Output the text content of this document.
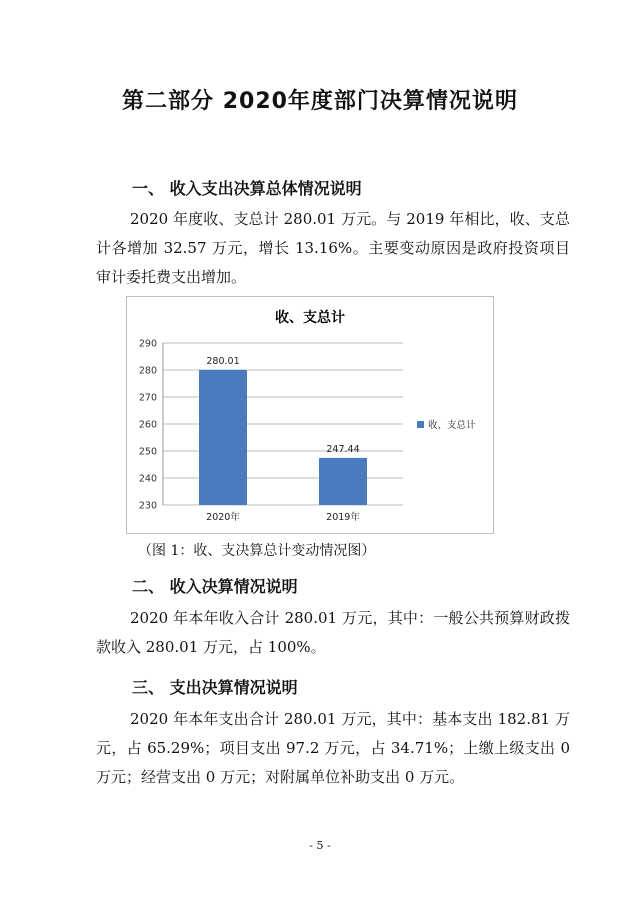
第二部分 2020年度部门决算情况说明
一、 收入支出决算总体情况说明
2020 年度收、支总计 280.01 万元。与 2019 年相比，收、支总计各增加 32.57 万元，增长 13.16%。主要变动原因是政府投资项目审计委托费支出增加。
收、支总计
230
240
250
260
270
280
290
280.01
2020年
247.44
2019年
收、支总计
（图 1：收、支决算总计变动情况图）
二、 收入决算情况说明
2020 年本年收入合计 280.01 万元，其中：一般公共预算财政拨款收入 280.01 万元，占 100%。
三、 支出决算情况说明
2020 年本年支出合计 280.01 万元，其中：基本支出 182.81 万元，占 65.29%；项目支出 97.2 万元，占 34.71%；上缴上级支出 0 万元；经营支出 0 万元；对附属单位补助支出 0 万元。
- 5 -
